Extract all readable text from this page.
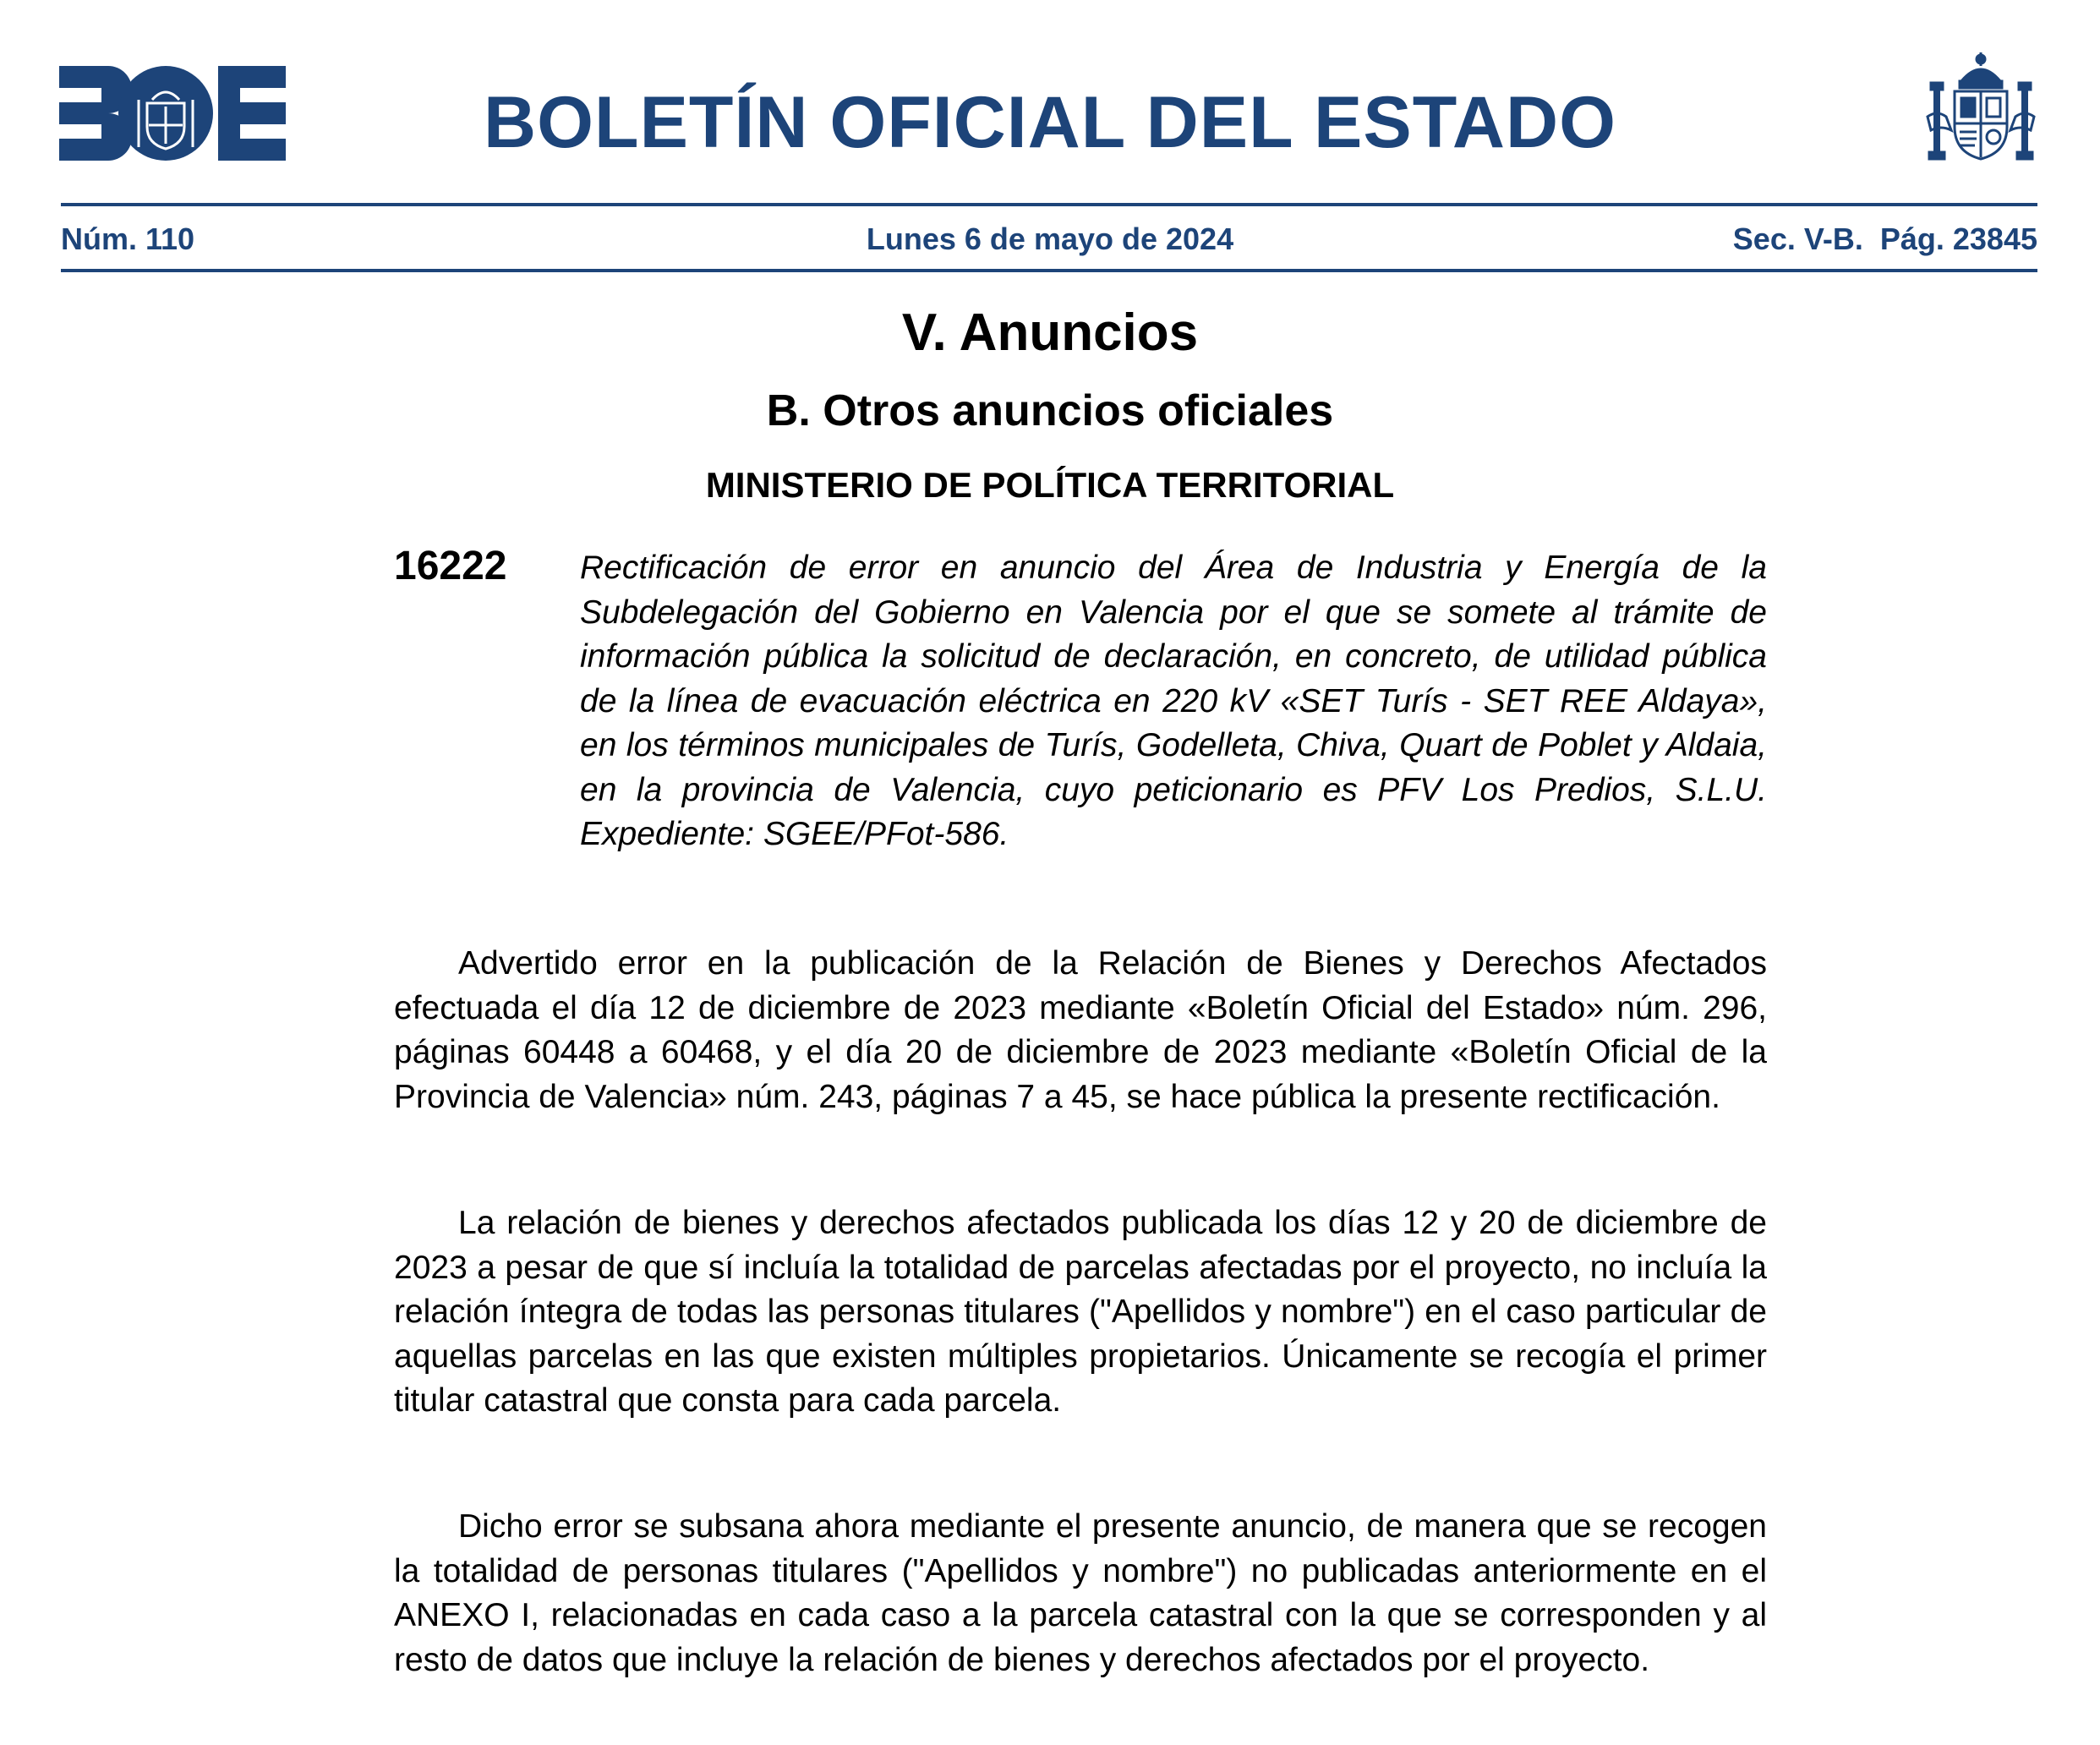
BOLETÍN OFICIAL DEL ESTADO
Núm. 110	Lunes 6 de mayo de 2024	Sec. V-B.  Pág. 23845
V. Anuncios
B. Otros anuncios oficiales
MINISTERIO DE POLÍTICA TERRITORIAL
16222 Rectificación de error en anuncio del Área de Industria y Energía de la Subdelegación del Gobierno en Valencia por el que se somete al trámite de información pública la solicitud de declaración, en concreto, de utilidad pública de la línea de evacuación eléctrica en 220 kV «SET Turís - SET REE Aldaya», en los términos municipales de Turís, Godelleta, Chiva, Quart de Poblet y Aldaia, en la provincia de Valencia, cuyo peticionario es PFV Los Predios, S.L.U. Expediente: SGEE/PFot-586.

Advertido error en la publicación de la Relación de Bienes y Derechos Afectados efectuada el día 12 de diciembre de 2023 mediante «Boletín Oficial del Estado» núm. 296, páginas 60448 a 60468, y el día 20 de diciembre de 2023 mediante «Boletín Oficial de la Provincia de Valencia» núm. 243, páginas 7 a 45, se hace pública la presente rectificación.

La relación de bienes y derechos afectados publicada los días 12 y 20 de diciembre de 2023 a pesar de que sí incluía la totalidad de parcelas afectadas por el proyecto, no incluía la relación íntegra de todas las personas titulares ("Apellidos y nombre") en el caso particular de aquellas parcelas en las que existen múltiples propietarios. Únicamente se recogía el primer titular catastral que consta para cada parcela.

Dicho error se subsana ahora mediante el presente anuncio, de manera que se recogen la totalidad de personas titulares ("Apellidos y nombre") no publicadas anteriormente en el ANEXO I, relacionadas en cada caso a la parcela catastral con la que se corresponden y al resto de datos que incluye la relación de bienes y derechos afectados por el proyecto.
